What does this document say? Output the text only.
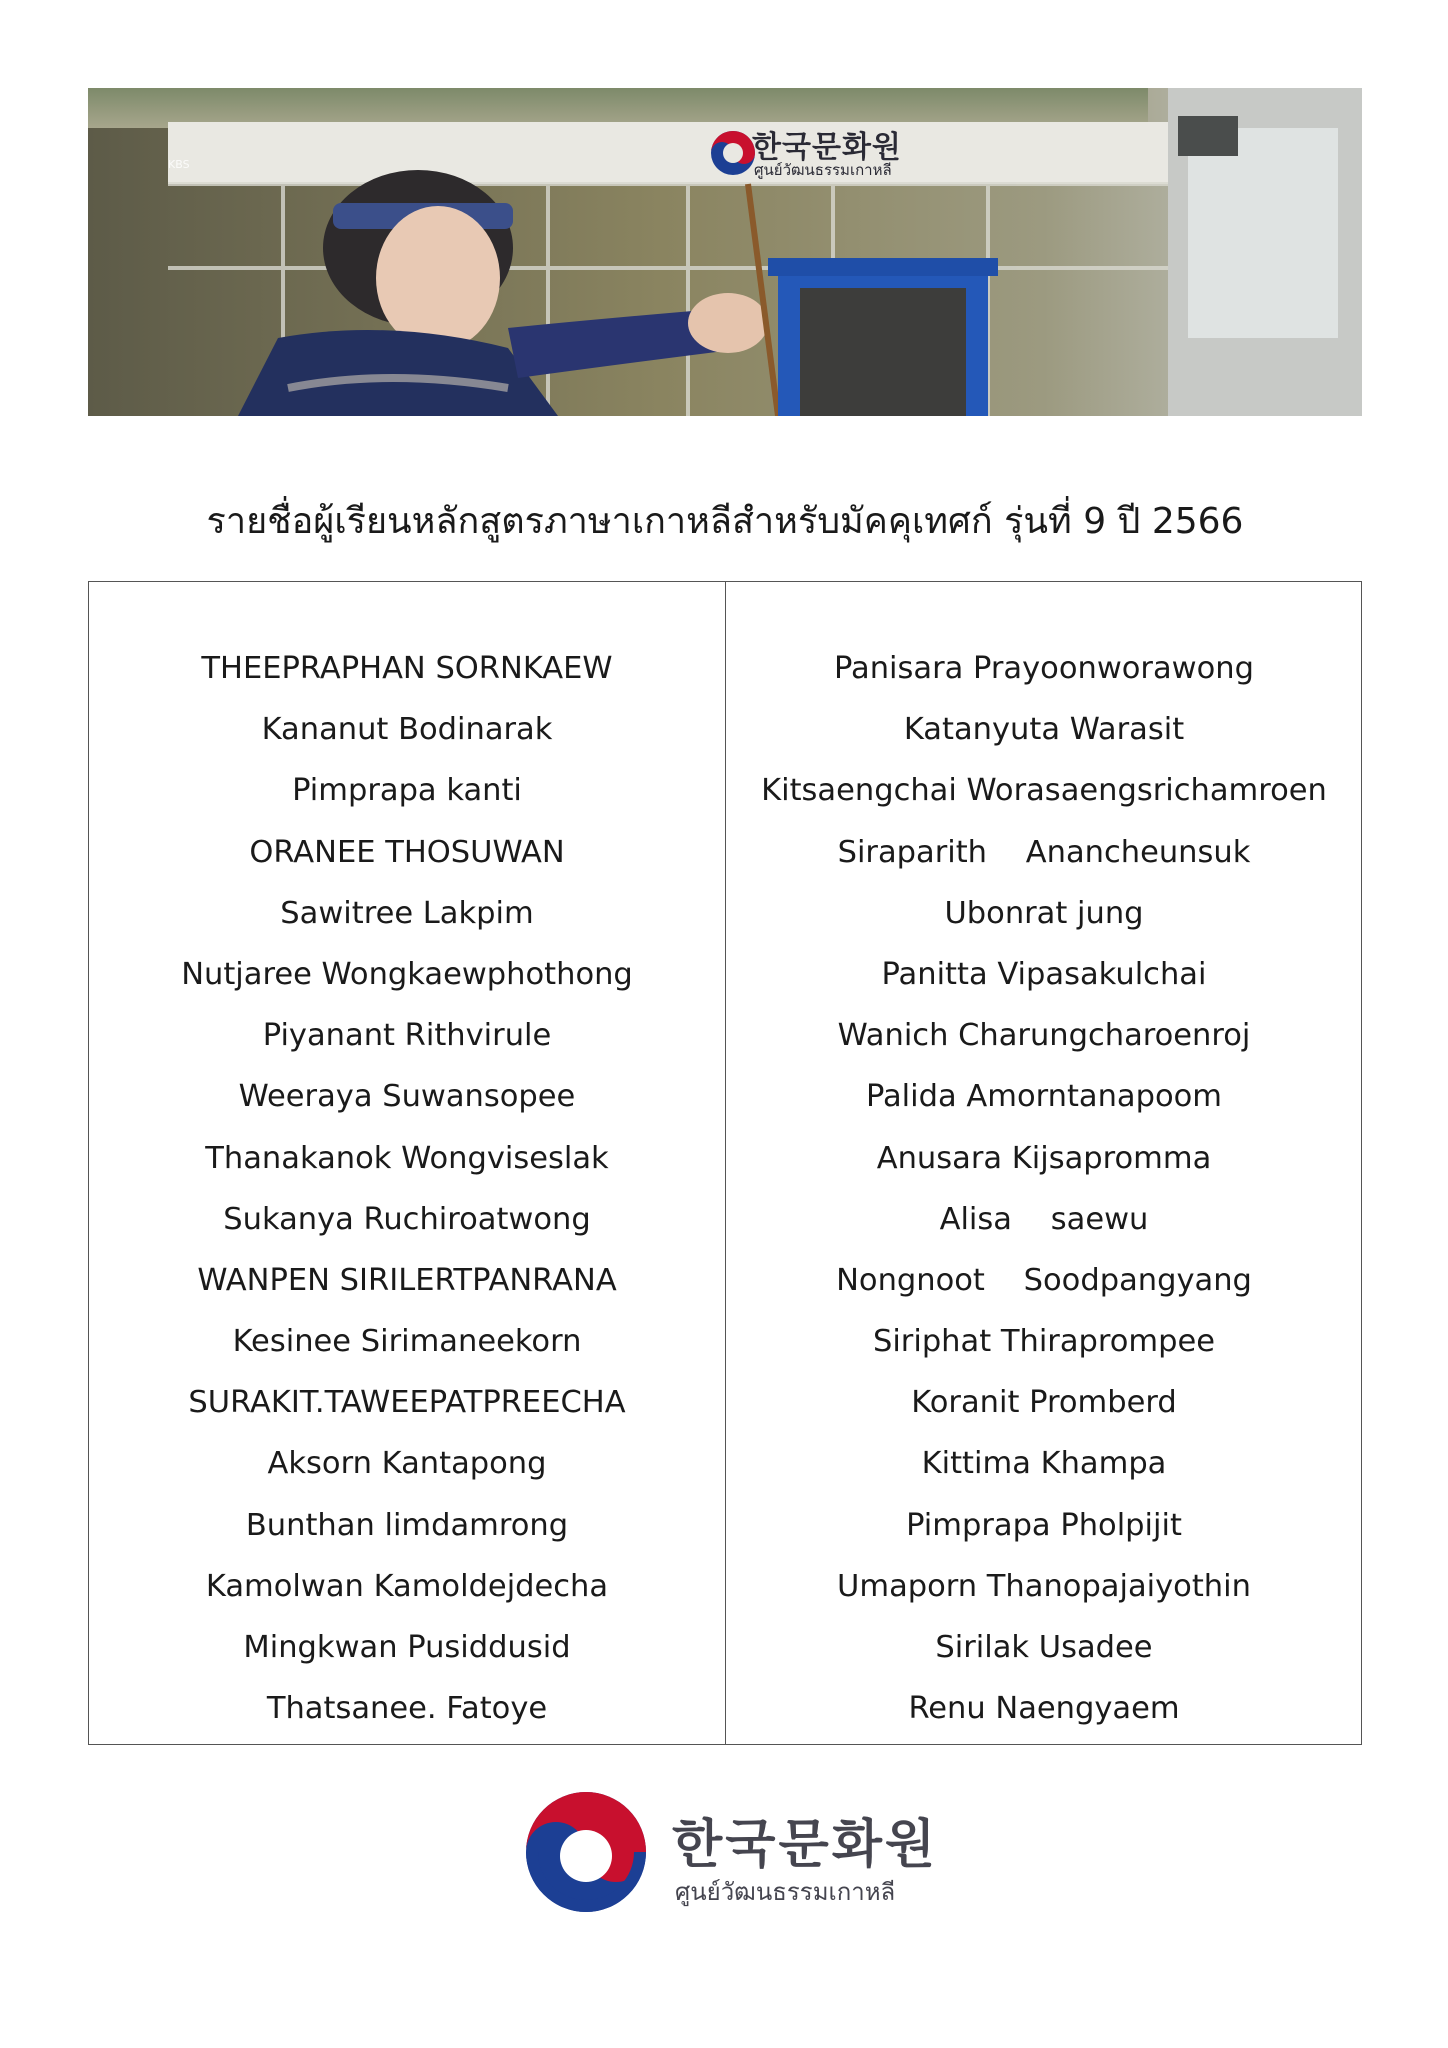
한국문화원
ศูนย์วัฒนธรรมเกาหลี
KBS
รายชื่อผู้เรียนหลักสูตรภาษาเกาหลีสำหรับมัคคุเทศก์ รุ่นที่ 9 ปี 2566
THEEPRAPHAN SORNKAEW
Kananut Bodinarak
Pimprapa kanti
ORANEE THOSUWAN
Sawitree Lakpim
Nutjaree Wongkaewphothong
Piyanant Rithvirule
Weeraya Suwansopee
Thanakanok Wongviseslak
Sukanya Ruchiroatwong
WANPEN SIRILERTPANRANA
Kesinee Sirimaneekorn
SURAKIT.TAWEEPATPREECHA
Aksorn Kantapong
Bunthan limdamrong
Kamolwan Kamoldejdecha
Mingkwan Pusiddusid
Thatsanee. Fatoye
Panisara Prayoonworawong
Katanyuta Warasit
Kitsaengchai Worasaengsrichamroen
Siraparith    Anancheunsuk
Ubonrat jung
Panitta Vipasakulchai
Wanich Charungcharoenroj
Palida Amorntanapoom
Anusara Kijsapromma
Alisa    saewu
Nongnoot    Soodpangyang
Siriphat Thiraprompee
Koranit Promberd
Kittima Khampa
Pimprapa Pholpijit
Umaporn Thanopajaiyothin
Sirilak Usadee
Renu Naengyaem
한국문화원
ศูนย์วัฒนธรรมเกาหลี
